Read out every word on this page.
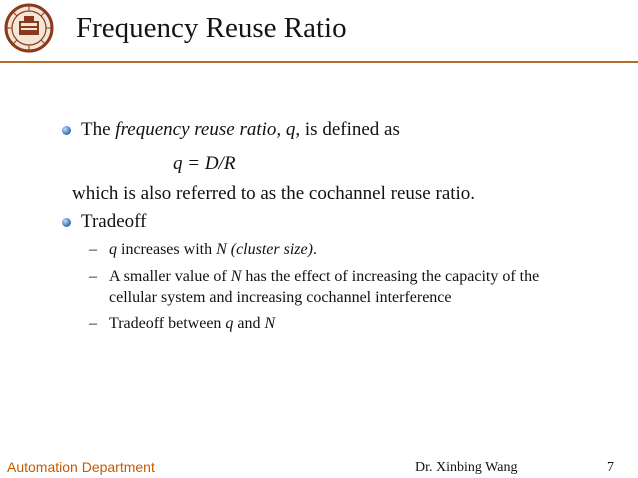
Frequency Reuse Ratio
The frequency reuse ratio, q, is defined as
q = D/R
which is also referred to as the cochannel reuse ratio.
Tradeoff
– q increases with N (cluster size).
– A smaller value of N has the effect of increasing the capacity of the
cellular system and increasing cochannel interference
– Tradeoff between q and N
Automation Department	Dr. Xinbing Wang	7
